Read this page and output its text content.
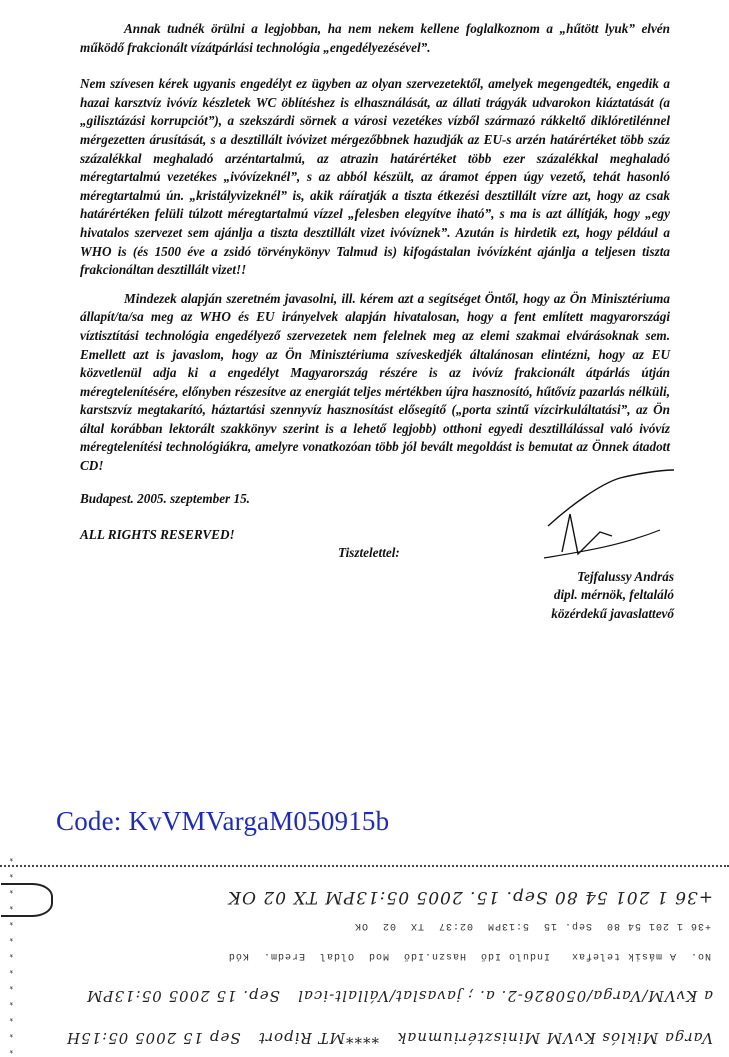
Annak tudnék örülni a legjobban, ha nem nekem kellene foglalkoznom a „hűtött lyuk” elvén működő frakcionált vízátpárlási technológia „engedélyezésével”.

Nem szívesen kérek ugyanis engedélyt ez ügyben az olyan szervezetektől, amelyek megengedték, engedik a hazai karsztvíz ivóvíz készletek WC öblítéshez is elhasználását, az állati trágyák udvarokon kiáztatását (a „gilisztázási korrupciót”), a szekszárdi sörnek a városi vezetékes vízből származó rákkeltő diklóretilénnel mérgezetten árusítását, s a desztillált ivóvizet mérgezőbbnek hazudják az EU-s arzén határértéket több száz százalékkal meghaladó arzéntartalmú, az atrazin határértéket több ezer százalékkal meghaladó méregtartalmú vezetékes „ivóvízeknél”, s az abból készült, az áramot éppen úgy vezető, tehát hasonló méregtartalmú ún. „kristályvizeknél” is, akik ráíratják a tiszta étkezési desztillált vízre azt, hogy az csak határértéken felüli túlzott méregtartalmú vízzel „felesben elegyítve iható”, s ma is azt állítják, hogy „egy hivatalos szervezet sem ajánlja a tiszta desztillált vizet ivóvíznek”. Azután is hirdetik ezt, hogy például a WHO is (és 1500 éve a zsidó törvénykönyv Talmud is) kifogástalan ivóvízként ajánlja a teljesen tiszta frakcionáltan desztillált vizet!!

Mindezek alapján szeretném javasolni, ill. kérem azt a segítséget Öntől, hogy az Ön Minisztériuma állapít/ta/sa meg az WHO és EU irányelvek alapján hivatalosan, hogy a fent említett magyarországi víztisztítási technológia engedélyező szervezetek nem felelnek meg az elemi szakmai elvárásoknak sem. Emellett azt is javaslom, hogy az Ön Minisztériuma szíveskedjék általánosan elintézni, hogy az EU közvetlenül adja ki a engedélyt Magyarország részére is az ivóvíz frakcionált átpárlás útján méregtelenítésére, előnyben részesítve az energiát teljes mértékben újra hasznosító, hűtővíz pazarlás nélküli, karstszvíz megtakarító, háztartási szennyvíz hasznosítást elősegítő („porta szintű vízcirkuláltatási”, az Ön által korábban lektorált szakkönyv szerint is a lehető legjobb) otthoni egyedi desztillálással való ivóvíz méregtelenítési technológiákra, amelyre vonatkozóan több jól bevált megoldást is bemutat az Önnek átadott CD!

Budapest. 2005. szeptember 15.
ALL RIGHTS RESERVED!
Tisztelettel:
Tejfalussy András
dipl. mérnök, feltaláló
közérdekű javaslattevő
Code: KvVMVargaM050915b
*
*
*
*
*
*
*
*
*
*
*
*
*
+36 1 201 54 80 Sep. 15. 2005 05:13PM TX 02 OK
+36 1 201 54 80  Sep. 15  5:13PM  02:37  TX  02  OK
No.  A másik telefax   Indulo Idő  Haszn.Idő  Mod  Oldal  Eredm.  Kód
a KvVM/Varga/050826-2. a. ; javaslat/Vállalt-ical   Sep. 15 2005 05:13PM
Varga Miklós KvVM Minisztériumnak   ****MT Riport   Sep 15 2005 05:15H
